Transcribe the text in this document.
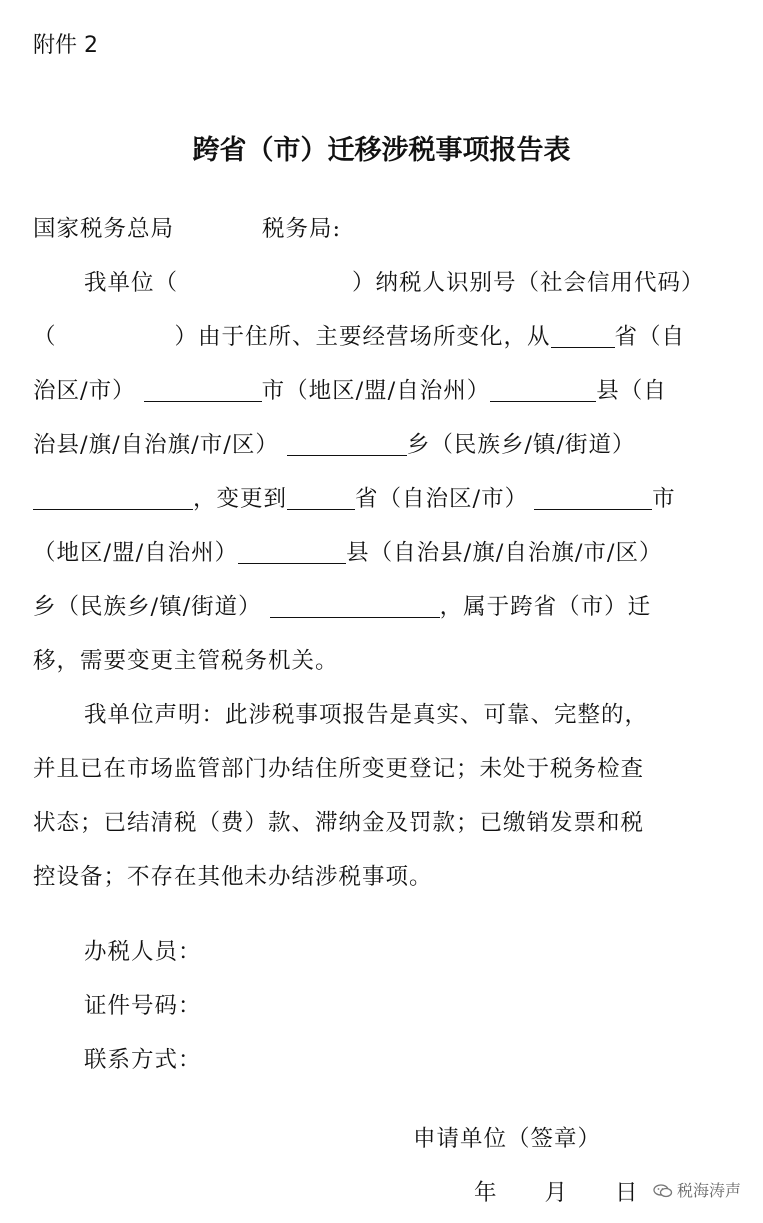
附件 2
跨省（市）迁移涉税事项报告表
国家税务总局	税务局:
我单位（	）纳税人识别号（社会信用代码）
（	）由于住所、主要经营场所变化，从	省（自
治区/市）	市（地区/盟/自治州）	县（自
治县/旗/自治旗/市/区）	乡（民族乡/镇/街道）
，变更到	省（自治区/市）	市
（地区/盟/自治州）	县（自治县/旗/自治旗/市/区）
乡（民族乡/镇/街道）	，属于跨省（市）迁
移，需要变更主管税务机关。
我单位声明：此涉税事项报告是真实、可靠、完整的，
并且已在市场监管部门办结住所变更登记；未处于税务检查
状态；已结清税（费）款、滞纳金及罚款；已缴销发票和税
控设备；不存在其他未办结涉税事项。
办税人员：
证件号码：
联系方式：
申请单位（签章）
年　　月　　日	税海涛声
